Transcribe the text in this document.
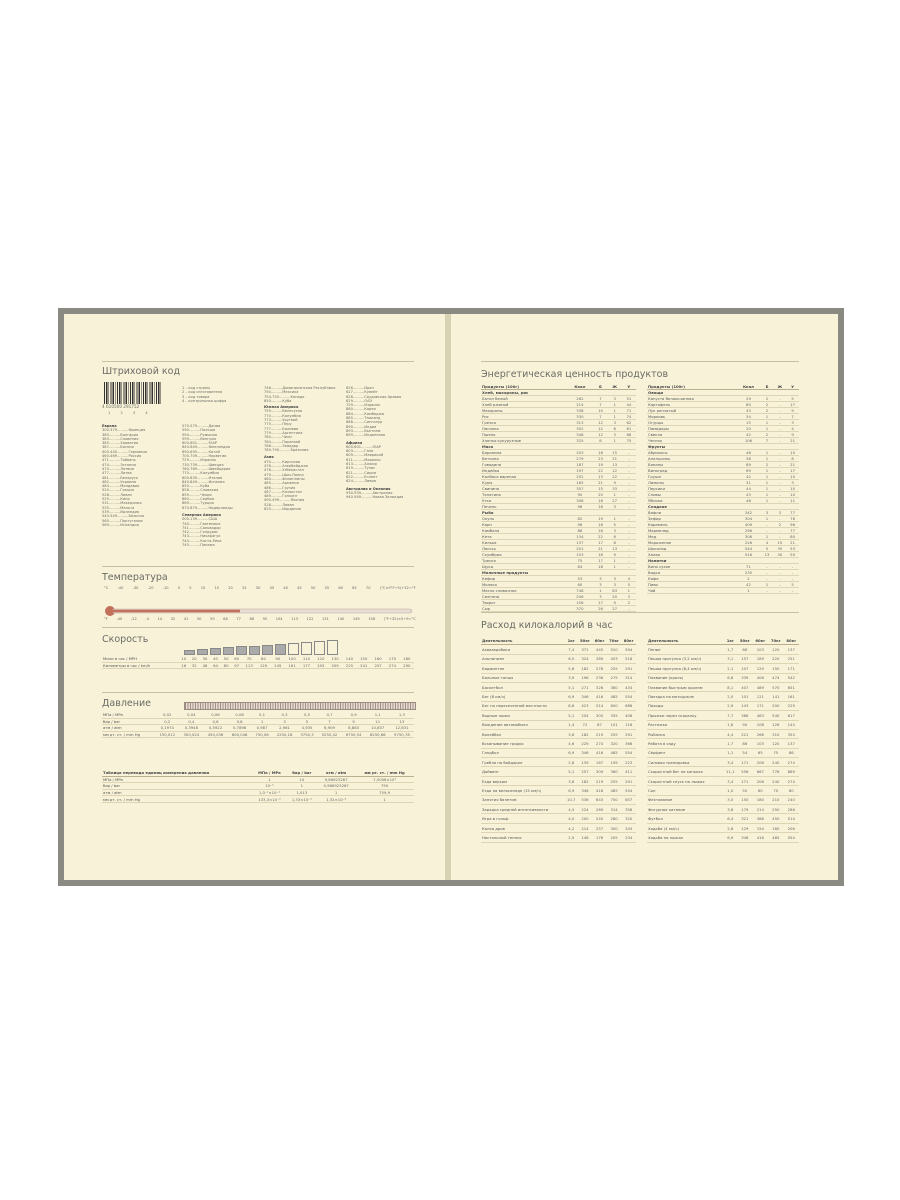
Штриховой код
4 610500 291752
1 2 3 4
1 – код страны
2 – код изготовителя
3 – код товара
4 – контрольная цифра
Европа
300-379..........Франция
380..........Болгария
383..........Словения
385..........Хорватия
387..........Босния
400-440..........Германия
460-469..........Россия
471..........Тайвань
474..........Эстония
475..........Латвия
477..........Литва
481..........Беларусь
482..........Украина
484..........Молдавия
520..........Греция
528..........Ливан
529..........Кипр
531..........Македония
535..........Мальта
539..........Ирландия
540-549..........Бельгия
560..........Португалия
569..........Исландия
570-579..........Дания
590..........Польша
594..........Румыния
599..........Венгрия
600-601..........ЮАР
640-649..........Финляндия
690-695..........Китай
700-709..........Норвегия
729..........Израиль
730-739..........Швеция
760-769..........Швейцария
770..........Колумбия
800-839..........Италия
840-849..........Испания
850..........Куба
858..........Словакия
859..........Чехия
860..........Сербия
869..........Турция
870-879..........Нидерланды
Северная Америка
000-139..........США
740..........Гватемала
741..........Сальвадор
742..........Гондурас
743..........Никарагуа
744..........Коста-Рика
745..........Панама
746..........Доминиканская Республика
750..........Мексика
754-755..........Канада
850..........Куба
Южная Америка
759..........Венесуэла
770..........Колумбия
773..........Уругвай
775..........Перу
777..........Боливия
779..........Аргентина
780..........Чили
784..........Парагвай
786..........Эквадор
789-790..........Бразилия
Азия
470..........Киргизия
476..........Азербайджан
478..........Узбекистан
479..........Шри-Ланка
480..........Филиппины
485..........Армения
486..........Грузия
487..........Казахстан
489..........Гонконг
490-499..........Япония
528..........Ливан
625..........Иордания
626..........Иран
627..........Кувейт
628..........Саудовская Аравия
629..........ОАЭ
729..........Израиль
880..........Корея
884..........Камбоджа
885..........Таиланд
888..........Сингапур
890..........Индия
893..........Вьетнам
899..........Индонезия
Африка
600-601..........ЮАР
603..........Гана
609..........Маврикий
611..........Марокко
613..........Алжир
619..........Тунис
621..........Сирия
622..........Египет
624..........Ливия
Австралия и Океания
930-939..........Австралия
940-949..........Новая Зеландия
Температура
°C	-40	-30	-20	-10	0	5	10	15	20	25	30	35	40	45	50	55	60	65	70	(°C×9°F÷5)+32=°F
°F -40 -22 -4 14 32 41 50 59 68 77 86 95 104 113 122 131 140 149 158 (°F÷32)×5÷9=°C
Скорость
Мили в час / MPH	10	20	30	40	50	60	70	80	90	100	110	120	130	140	150	160	170	180
Километры в час / km/h	16	32	48	64	80	97	113	129	145	161	177	193	209	225	241	257	274	290
Давление
MПa / MPa	0,02	0,04	0,06	0,08	0,1	0,3	0,5	0,7	0,9	1,1	1,3
бар / bar	0,2	0,4	0,6	0,8	1	3	5	7	9	11	13
атм / atm	0,1974	0,3948	0,5922	0,7896	0,987	2,961	4,935	6,909	8,883	10,857	12,831
мм рт. ст. / mm Hg	150,012	300,024	450,036	600,048	750,06	2250,18	3750,3	5250,42	6750,54	8250,66	9750,78
Таблица перевода единиц измерения давления	MПa / MPa	бар / bar	атм / atm	мм рт. ст. / mm Hg
MПa / MPa	1	10	9,86923267	7,5006×10³
бар / bar	10⁻¹	1	0,986923267	750
атм / atm	1,0⁻¹×10⁻¹	1,013	1	759,9
мм рт. ст. / mm Hg	133,3×10⁻⁶	1,33×10⁻³	1,32×10⁻³	1
Энергетическая ценность продуктов
Продукты (100г)	Ккал	Б	Ж	У
Хлеб, макароны, рис				
Батон белый	262	7	3	51
Хлеб ржаной	214	7	1	44
Макароны	338	10	1	71
Рис	330	7	1	74
Гречка	313	12	3	62
Овсянка	352	12	6	61
Пшено	348	12	3	66
Хлопья кукурузные	325	8	1	75
Мясо				
Баранина	203	16	15	-
Ветчина	279	23	21	-
Говядина	187	19	13	-
Индейка	197	22	12	-
Колбаса вареная	252	13	22	-
Куры	165	21	9	-
Свинина	357	15	33	-
Телятина	90	20	1	-
Утка	308	16	27	-
Печень	98	18	3	-
Рыба				
Окунь	82	19	1	-
Карп	96	16	5	-
Камбала	88	16	3	-
Кета	134	22	6	-
Килька	137	17	8	-
Лосось	201	21	13	-
Скумбрия	153	18	9	-
Треска	75	17	1	-
Щука	84	18	1	-
Молочные продукты				
Кефир	53	3	3	4
Молоко	60	3	3	5
Масло сливочное	748	1	83	1
Сметана	206	3	20	3
Творог	156	17	9	2
Сыр	370	26	27	-
Продукты (100г)	Ккал	Б	Ж	У
Овощи				
Капуста белокочанная	29	2	-	5
Картофель	80	2	-	17
Лук репчатый	43	2	-	9
Морковь	34	1	-	7
Огурцы	15	1	-	3
Помидоры	20	1	-	4
Свекла	42	2	-	9
Чеснок	106	7	-	21
Фрукты				
Абрикосы	46	1	-	10
Апельсины	38	1	-	8
Бананы	89	2	-	21
Виноград	69	1	-	17
Груши	42	1	-	10
Лимоны	31	1	-	3
Персики	44	1	-	10
Сливы	43	1	-	10
Яблоки	46	1	-	11
Сладкое				
Вафли	342	3	3	77
Зефир	304	1	-	78
Карамель	409	-	2	96
Мармелад	296	-	-	77
Мед	308	1	-	80
Мороженое	226	4	15	21
Шоколад	544	5	35	53
Халва	516	13	30	50
Напитки				
Вино сухое	71	-	-	-
Водка	235	-	-	-
Кофе	2	-	-	-
Пиво	42	1	-	5
Чай	1	-	-	-
Расход килокалорий в час
Деятельность	1кг	50кг	60кг	70кг	80кг
Аквааэробика	7,4	371	445	520	594
Альпинизм	6,5	324	389	453	518
Бадминтон	5,6	182	278	255	291
Бальные танцы	3,9	196	236	275	314
Баскетбол	5,1	271	326	380	434
Бег (8 км/ч)	6,9	346	416	485	554
Бег по пересеченной местности	8,6	423	514	600	686
Водные лыжи	5,1	254	305	355	406
Вождение автомобиля	1,4	72	87	101	116
Волейбол	3,6	182	219	255	291
Вскапывание грядок	4,6	229	274	320	366
Гандбол	6,9	346	416	485	554
Гребля на байдарке	2,8	139	167	195	223
Дайвинг	5,1	257	309	360	411
Езда верхом	3,6	182	219	255	291
Езда на велосипеде (15 км/ч)	6,9	346	416	485	554
Занятия балетом	10,7	536	643	750	857
Зарядка средней интенсивности	4,5	224	269	314	358
Игра в гольф	4,0	200	240	280	320
Колка дров	4,2	214	257	300	343
Настольный теннис	2,9	146	176	205	234
Деятельность	1кг	50кг	60кг	70кг	80кг
Пение	1,7	86	103	120	137
Пешая прогулка (3,2 км/ч)	3,1	157	189	220	251
Пешая прогулка (6,4 км/ч)	2,1	107	129	150	171
Плавание (кроль)	6,8	339	406	474	542
Плавание быстрым кролем	8,1	407	489	570	651
Поездка на мотоцикле	2,0	101	121	141	161
Походы	2,9	143	171	200	229
Прыжки через скакалку	7,7	386	463	540	617
Растяжка	1,8	90	108	126	144
Рыбалка	4,4	221	266	310	354
Работа в саду	1,7	86	103	120	137
Сёрфинг	1,1	54	65	75	86
Силовая тренировка	3,4	171	206	240	274
Скоростной бег на коньках	11,1	556	667	778	889
Скоростной спуск на лыжах	3,4	171	206	240	274
Сон	1,0	50	60	70	80
Фехтование	3,0	150	180	210	240
Фигурное катание	3,6	179	214	250	286
Футбол	6,4	321	386	450	514
Ходьба (4 км/ч)	2,6	129	154	180	206
Ходьба на лыжах	6,9	346	416	485	554
